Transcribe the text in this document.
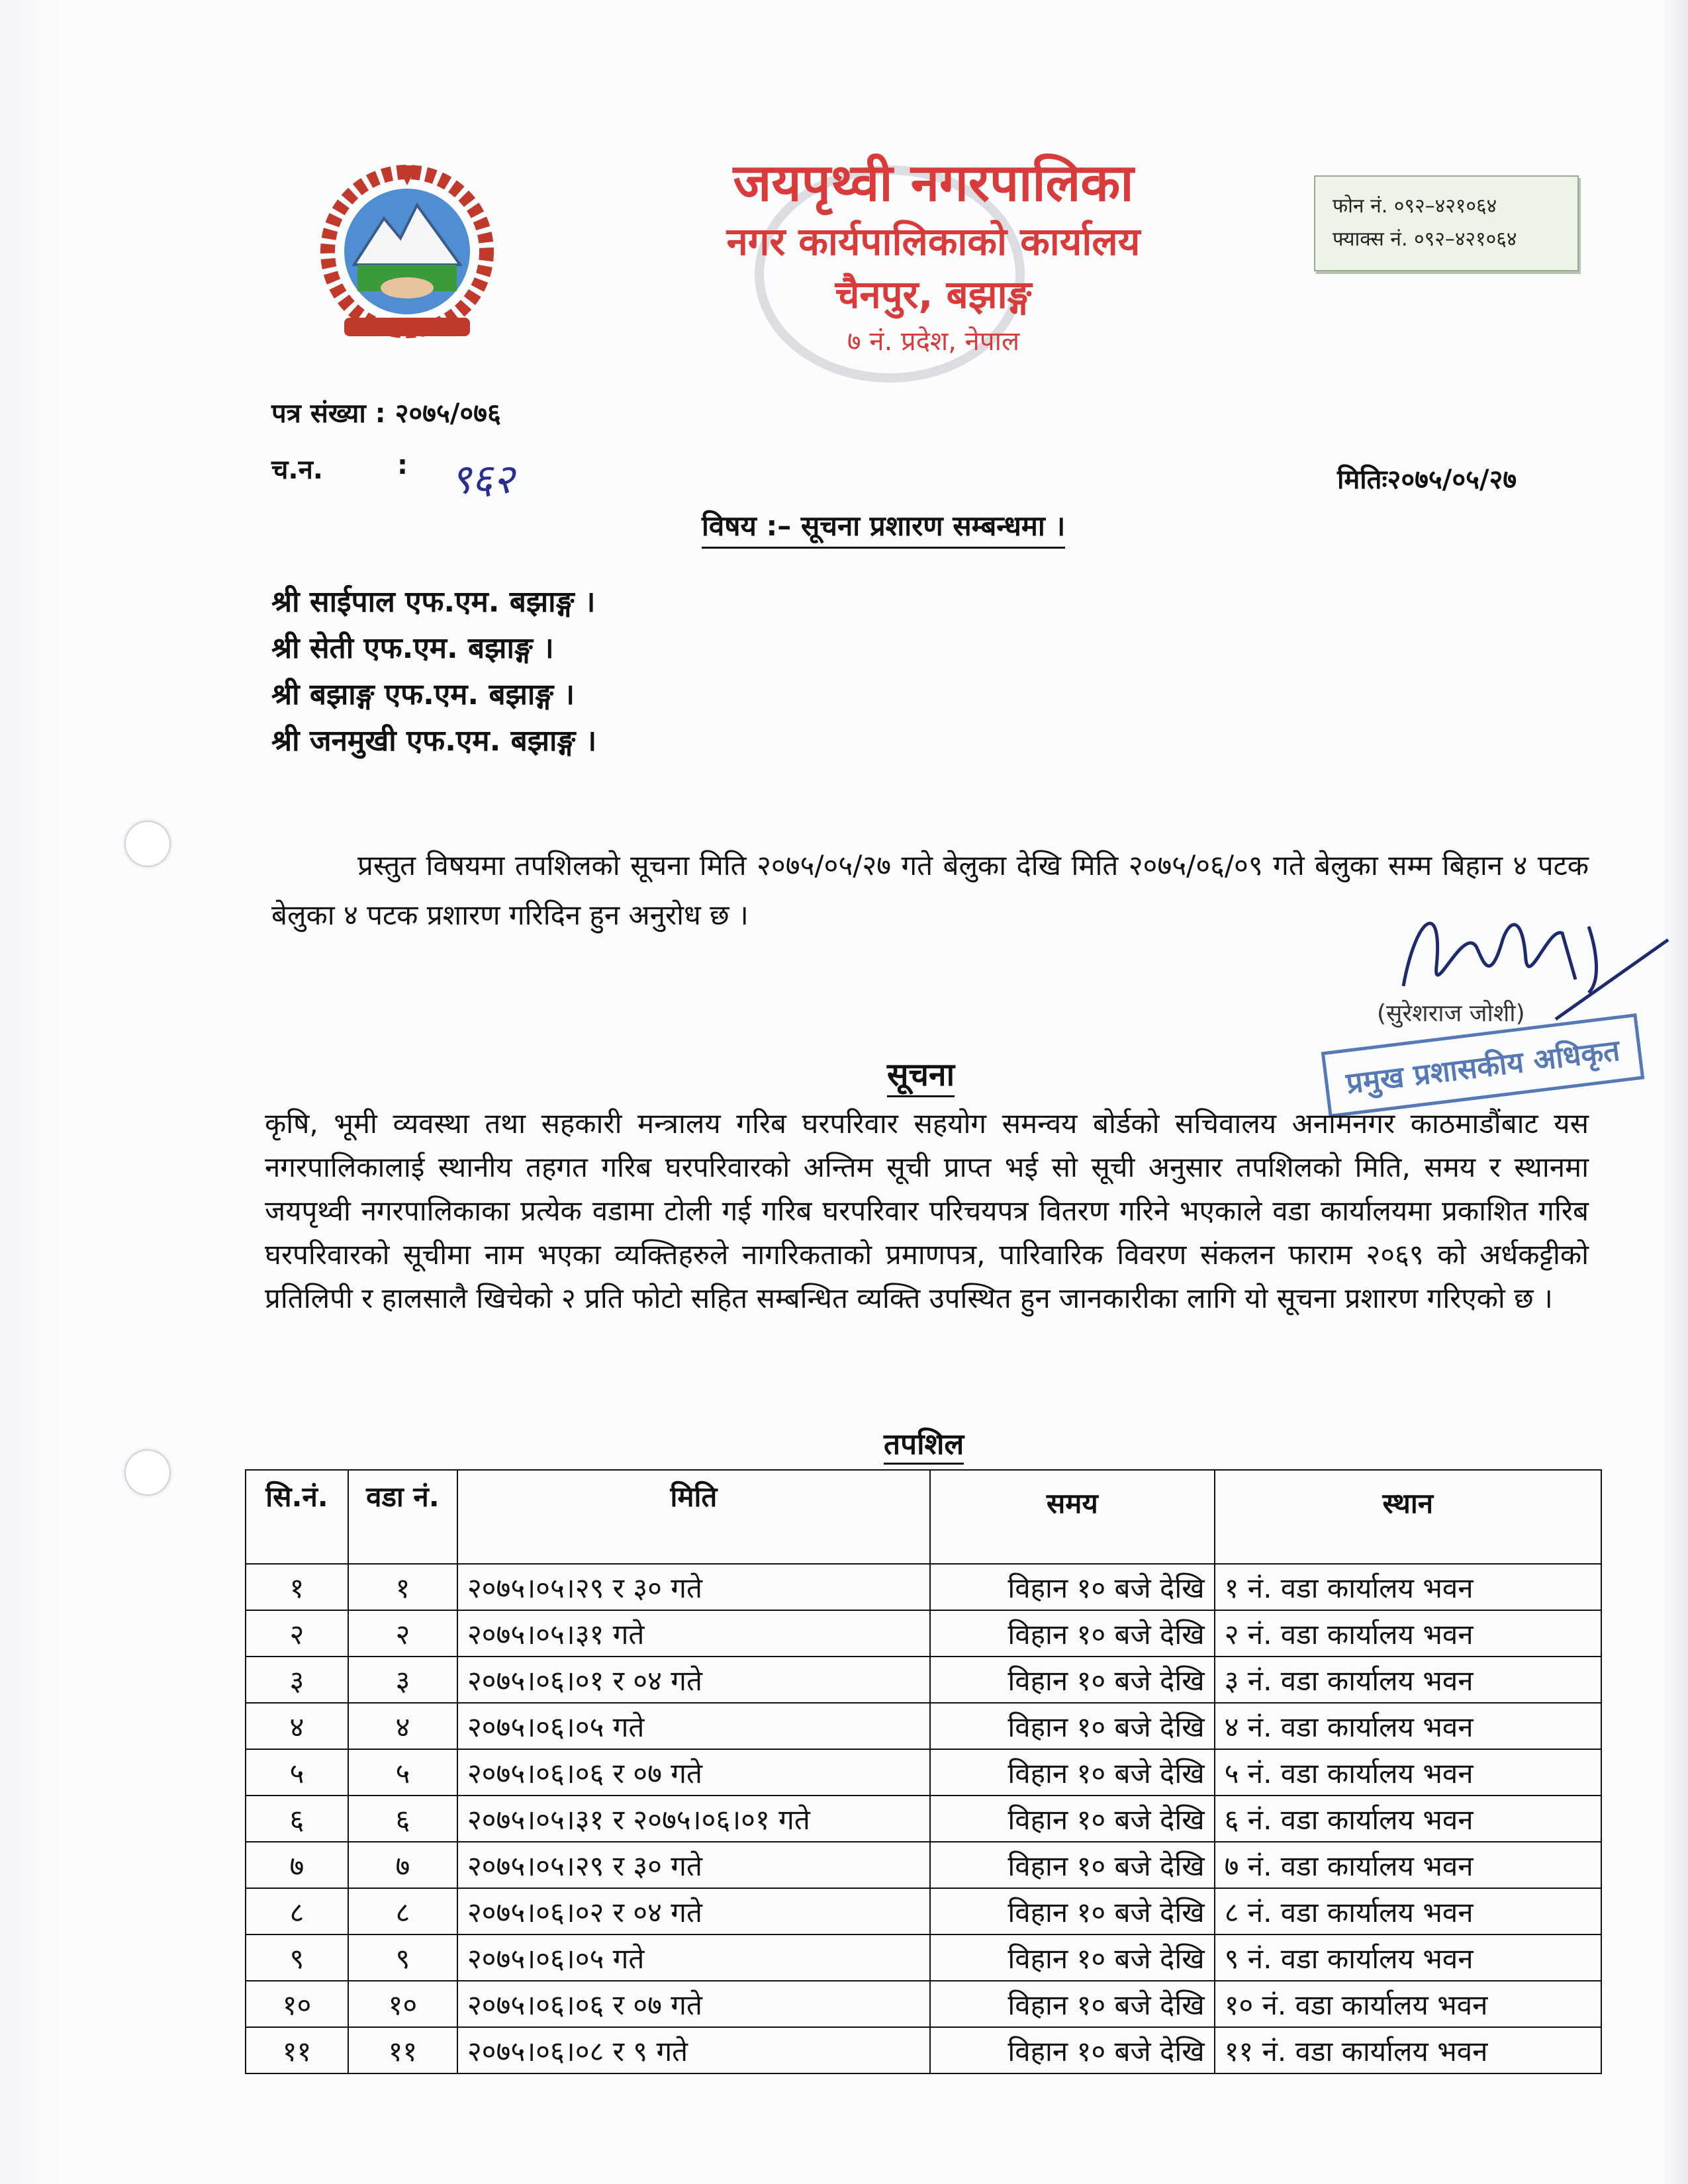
जयपृथ्वी नगरपालिका
नगर कार्यपालिकाको कार्यालय
चैनपुर, बझाङ्ग
७ नं. प्रदेश, नेपाल
फोन नं. ०९२–४२१०६४
फ्याक्स नं. ०९२–४२१०६४
पत्र संख्या : २०७५/०७६
च.न.	: ९६२	मितिः२०७५/०५/२७
विषय :– सूचना प्रशारण सम्बन्धमा ।
श्री साईपाल एफ.एम. बझाङ्ग ।
श्री सेती एफ.एम. बझाङ्ग ।
श्री बझाङ्ग एफ.एम. बझाङ्ग ।
श्री जनमुखी एफ.एम. बझाङ्ग ।
प्रस्तुत विषयमा तपशिलको सूचना मिति २०७५/०५/२७ गते बेलुका देखि मिति २०७५/०६/०९ गते बेलुका सम्म बिहान ४ पटक बेलुका ४ पटक प्रशारण गरिदिन हुन अनुरोध छ ।
(सुरेशराज जोशी)
प्रमुख प्रशासकीय अधिकृत
सूचना
कृषि, भूमी व्यवस्था तथा सहकारी मन्त्रालय गरिब घरपरिवार सहयोग समन्वय बोर्डको सचिवालय अनामनगर काठमाडौंबाट यस नगरपालिकालाई स्थानीय तहगत गरिब घरपरिवारको अन्तिम सूची प्राप्त भई सो सूची अनुसार तपशिलको मिति, समय र स्थानमा जयपृथ्वी नगरपालिकाका प्रत्येक वडामा टोली गई गरिब घरपरिवार परिचयपत्र वितरण गरिने भएकाले वडा कार्यालयमा प्रकाशित गरिब घरपरिवारको सूचीमा नाम भएका व्यक्तिहरुले नागरिकताको प्रमाणपत्र, पारिवारिक विवरण संकलन फाराम २०६९ को अर्धकट्टीको प्रतिलिपी र हालसालै खिचेको २ प्रति फोटो सहित सम्बन्धित व्यक्ति उपस्थित हुन जानकारीका लागि यो सूचना प्रशारण गरिएको छ ।
तपशिल
सि.नं.	वडा नं.	मिति	समय	स्थान
१	१	२०७५।०५।२९ र ३० गते	विहान १० बजे देखि	१ नं. वडा कार्यालय भवन
२	२	२०७५।०५।३१ गते	विहान १० बजे देखि	२ नं. वडा कार्यालय भवन
३	३	२०७५।०६।०१ र ०४ गते	विहान १० बजे देखि	३ नं. वडा कार्यालय भवन
४	४	२०७५।०६।०५ गते	विहान १० बजे देखि	४ नं. वडा कार्यालय भवन
५	५	२०७५।०६।०६ र ०७ गते	विहान १० बजे देखि	५ नं. वडा कार्यालय भवन
६	६	२०७५।०५।३१ र २०७५।०६।०१ गते	विहान १० बजे देखि	६ नं. वडा कार्यालय भवन
७	७	२०७५।०५।२९ र ३० गते	विहान १० बजे देखि	७ नं. वडा कार्यालय भवन
८	८	२०७५।०६।०२ र ०४ गते	विहान १० बजे देखि	८ नं. वडा कार्यालय भवन
९	९	२०७५।०६।०५ गते	विहान १० बजे देखि	९ नं. वडा कार्यालय भवन
१०	१०	२०७५।०६।०६ र ०७ गते	विहान १० बजे देखि	१० नं. वडा कार्यालय भवन
११	११	२०७५।०६।०८ र ९ गते	विहान १० बजे देखि	११ नं. वडा कार्यालय भवन
